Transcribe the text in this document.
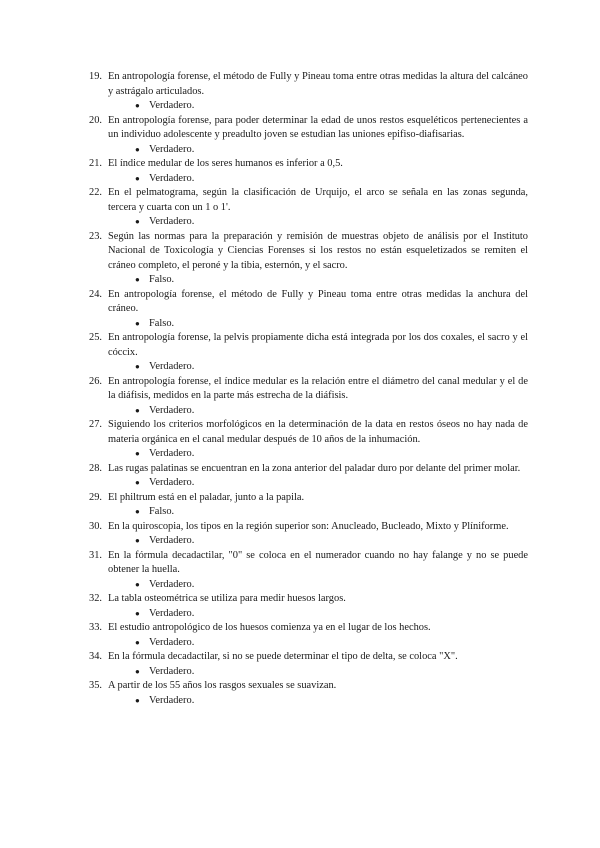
19. En antropología forense, el método de Fully y Pineau toma entre otras medidas la altura del calcáneo y astrágalo articulados.
● Verdadero.
20. En antropología forense, para poder determinar la edad de unos restos esqueléticos pertenecientes a un individuo adolescente y preadulto joven se estudian las uniones epifiso-diafisarias.
● Verdadero.
21. El índice medular de los seres humanos es inferior a 0,5.
● Verdadero.
22. En el pelmatograma, según la clasificación de Urquijo, el arco se señala en las zonas segunda, tercera y cuarta con un 1 o 1'.
● Verdadero.
23. Según las normas para la preparación y remisión de muestras objeto de análisis por el Instituto Nacional de Toxicología y Ciencias Forenses si los restos no están esqueletizados se remiten el cráneo completo, el peroné y la tibia, esternón, y el sacro.
● Falso.
24. En antropología forense, el método de Fully y Pineau toma entre otras medidas la anchura del cráneo.
● Falso.
25. En antropología forense, la pelvis propiamente dicha está integrada por los dos coxales, el sacro y el cóccix.
● Verdadero.
26. En antropología forense, el índice medular es la relación entre el diámetro del canal medular y el de la diáfisis, medidos en la parte más estrecha de la diáfisis.
● Verdadero.
27. Siguiendo los criterios morfológicos en la determinación de la data en restos óseos no hay nada de materia orgánica en el canal medular después de 10 años de la inhumación.
● Verdadero.
28. Las rugas palatinas se encuentran en la zona anterior del paladar duro por delante del primer molar.
● Verdadero.
29. El philtrum está en el paladar, junto a la papila.
● Falso.
30. En la quiroscopia, los tipos en la región superior son: Anucleado, Bucleado, Mixto y Plíniforme.
● Verdadero.
31. En la fórmula decadactilar, "0" se coloca en el numerador cuando no hay falange y no se puede obtener la huella.
● Verdadero.
32. La tabla osteométrica se utiliza para medir huesos largos.
● Verdadero.
33. El estudio antropológico de los huesos comienza ya en el lugar de los hechos.
● Verdadero.
34. En la fórmula decadactilar, si no se puede determinar el tipo de delta, se coloca "X".
● Verdadero.
35. A partir de los 55 años los rasgos sexuales se suavizan.
● Verdadero.
